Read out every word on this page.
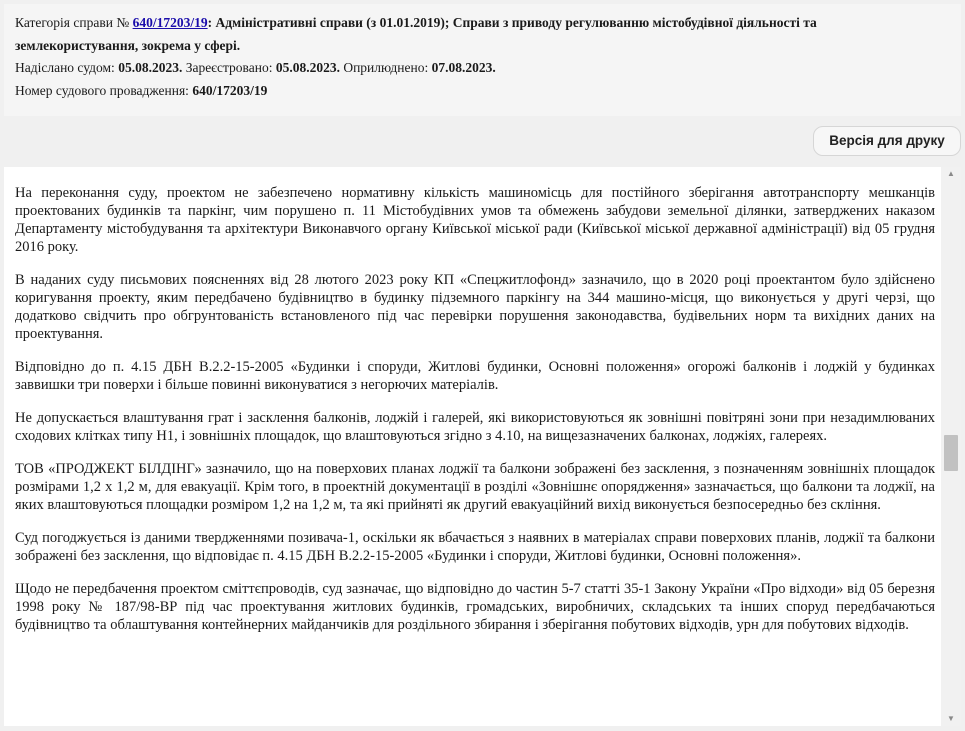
Категорія справи № 640/17203/19: Адміністративні справи (з 01.01.2019); Справи з приводу регулюванню містобудівної діяльності та
землекористування, зокрема у сфері.
Надіслано судом: 05.08.2023. Зареєстровано: 05.08.2023. Оприлюднено: 07.08.2023.
Номер судового провадження: 640/17203/19
Версія для друку

На переконання суду, проектом не забезпечено нормативну кількість машиномісць для постійного зберігання автотранспорту мешканців проектованих будинків та паркінг, чим порушено п. 11 Містобудівних умов та обмежень забудови земельної ділянки, затверджених наказом Департаменту містобудування та архітектури Виконавчого органу Київської міської ради (Київської міської державної адміністрації) від 05 грудня 2016 року.

В наданих суду письмових поясненнях від 28 лютого 2023 року КП «Спецжитлофонд» зазначило, що в 2020 році проектантом було здійснено коригування проекту, яким передбачено будівництво в будинку підземного паркінгу на 344 машино-місця, що виконується у другі черзі, що додатково свідчить про обгрунтованість встановленого під час перевірки порушення законодавства, будівельних норм та вихідних даних на проектування.

Відповідно до п. 4.15 ДБН В.2.2-15-2005 «Будинки і споруди, Житлові будинки, Основні положення» огорожі балконів і лоджій у будинках заввишки три поверхи і більше повинні виконуватися з негорючих матеріалів.

Не допускається влаштування грат і засклення балконів, лоджій і галерей, які використовуються як зовнішні повітряні зони при незадимлюваних сходових клітках типу Н1, і зовнішніх площадок, що влаштовуються згідно з 4.10, на вищезазначених балконах, лоджіях, галереях.

ТОВ «ПРОДЖЕКТ БІЛДІНГ» зазначило, що на поверхових планах лоджії та балкони зображені без засклення, з позначенням зовнішніх площадок розмірами 1,2 х 1,2 м, для евакуації. Крім того, в проектній документації в розділі «Зовнішнє опорядження» зазначається, що балкони та лоджії, на яких влаштовуються площадки розміром 1,2 на 1,2 м, та які прийняті як другий евакуаційний вихід виконується безпосередньо без скління.

Суд погоджується із даними твердженнями позивача-1, оскільки як вбачається з наявних в матеріалах справи поверхових планів, лоджії та балкони зображені без засклення, що відповідає п. 4.15 ДБН В.2.2-15-2005 «Будинки і споруди, Житлові будинки, Основні положення».

Щодо не передбачення проектом сміттєпроводів, суд зазначає, що відповідно до частин 5-7 статті 35-1 Закону України «Про відходи» від 05 березня 1998 року № 187/98-ВР під час проектування житлових будинків, громадських, виробничих, складських та інших споруд передбачаються будівництво та облаштування контейнерних майданчиків для роздільного збирання і зберігання побутових відходів, урн для побутових відходів.

▲
▼
